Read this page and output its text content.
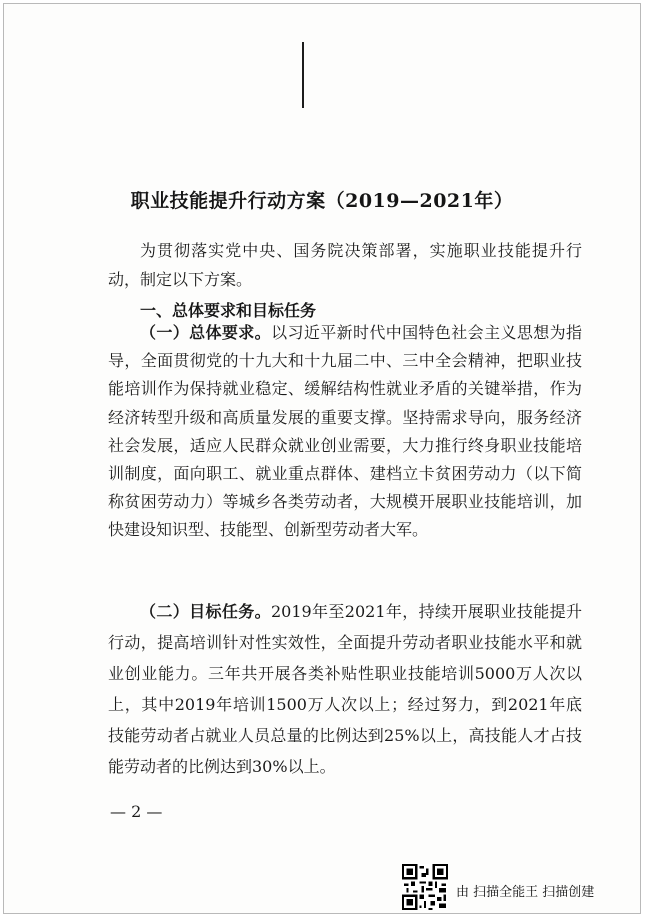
职业技能提升行动方案（2019—2021年）

为贯彻落实党中央、国务院决策部署，实施职业技能提升行动，制定以下方案。

一、总体要求和目标任务

（一）总体要求。以习近平新时代中国特色社会主义思想为指导，全面贯彻党的十九大和十九届二中、三中全会精神，把职业技能培训作为保持就业稳定、缓解结构性就业矛盾的关键举措，作为经济转型升级和高质量发展的重要支撑。坚持需求导向，服务经济社会发展，适应人民群众就业创业需要，大力推行终身职业技能培训制度，面向职工、就业重点群体、建档立卡贫困劳动力（以下简称贫困劳动力）等城乡各类劳动者，大规模开展职业技能培训，加快建设知识型、技能型、创新型劳动者大军。

（二）目标任务。2019年至2021年，持续开展职业技能提升行动，提高培训针对性实效性，全面提升劳动者职业技能水平和就业创业能力。三年共开展各类补贴性职业技能培训5000万人次以上，其中2019年培训1500万人次以上；经过努力，到2021年底技能劳动者占就业人员总量的比例达到25%以上，高技能人才占技能劳动者的比例达到30%以上。

— 2 —
由 扫描全能王 扫描创建
